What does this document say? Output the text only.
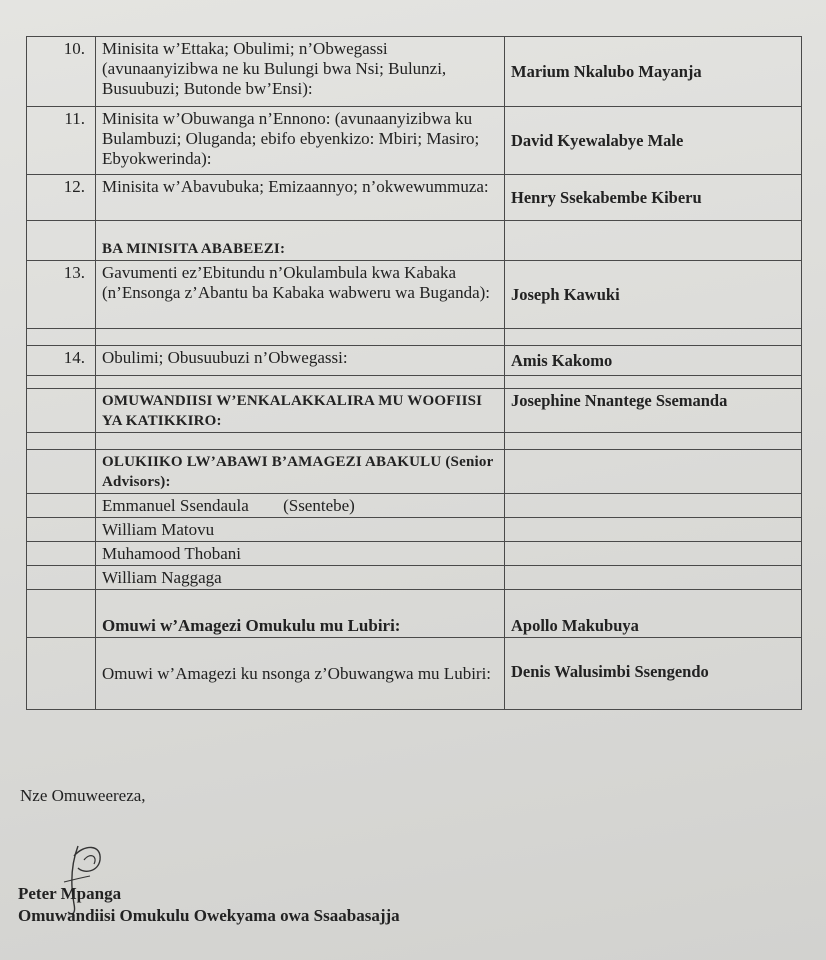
10.	Minisita w’Ettaka; Obulimi; n’Obwegassi (avunaanyizibwa ne ku Bulungi bwa Nsi; Bulunzi, Busuubuzi; Butonde bw’Ensi):	Marium Nkalubo Mayanja
11.	Minisita w’Obuwanga n’Ennono: (avunaanyizibwa ku Bulambuzi; Oluganda; ebifo ebyenkizo: Mbiri; Masiro; Ebyokwerinda):	David Kyewalabye Male
12.	Minisita w’Abavubuka; Emizaannyo; n’okwewummuza:	Henry Ssekabembe Kiberu
	BA MINISITA ABABEEZI:	
13.	Gavumenti ez’Ebitundu n’Okulambula kwa Kabaka (n’Ensonga z’Abantu ba Kabaka wabweru wa Buganda):	Joseph Kawuki

14.	Obulimi; Obusuubuzi n’Obwegassi:	Amis Kakomo

	OMUWANDIISI W’ENKALAKKALIRA MU WOOFIISI YA KATIKKIRO:	Josephine Nnantege Ssemanda

	OLUKIIKO LW’ABAWI B’AMAGEZI ABAKULU (Senior Advisors):	
	Emmanuel Ssendaula (Ssentebe)	
	William Matovu	
	Muhamood Thobani	
	William Naggaga	
	Omuwi w’Amagezi Omukulu mu Lubiri:	Apollo Makubuya
	Omuwi w’Amagezi ku nsonga z’Obuwangwa mu Lubiri:	Denis Walusimbi Ssengendo
Nze Omuweereza,
Peter Mpanga
Omuwandiisi Omukulu Owekyama owa Ssaabasajja
